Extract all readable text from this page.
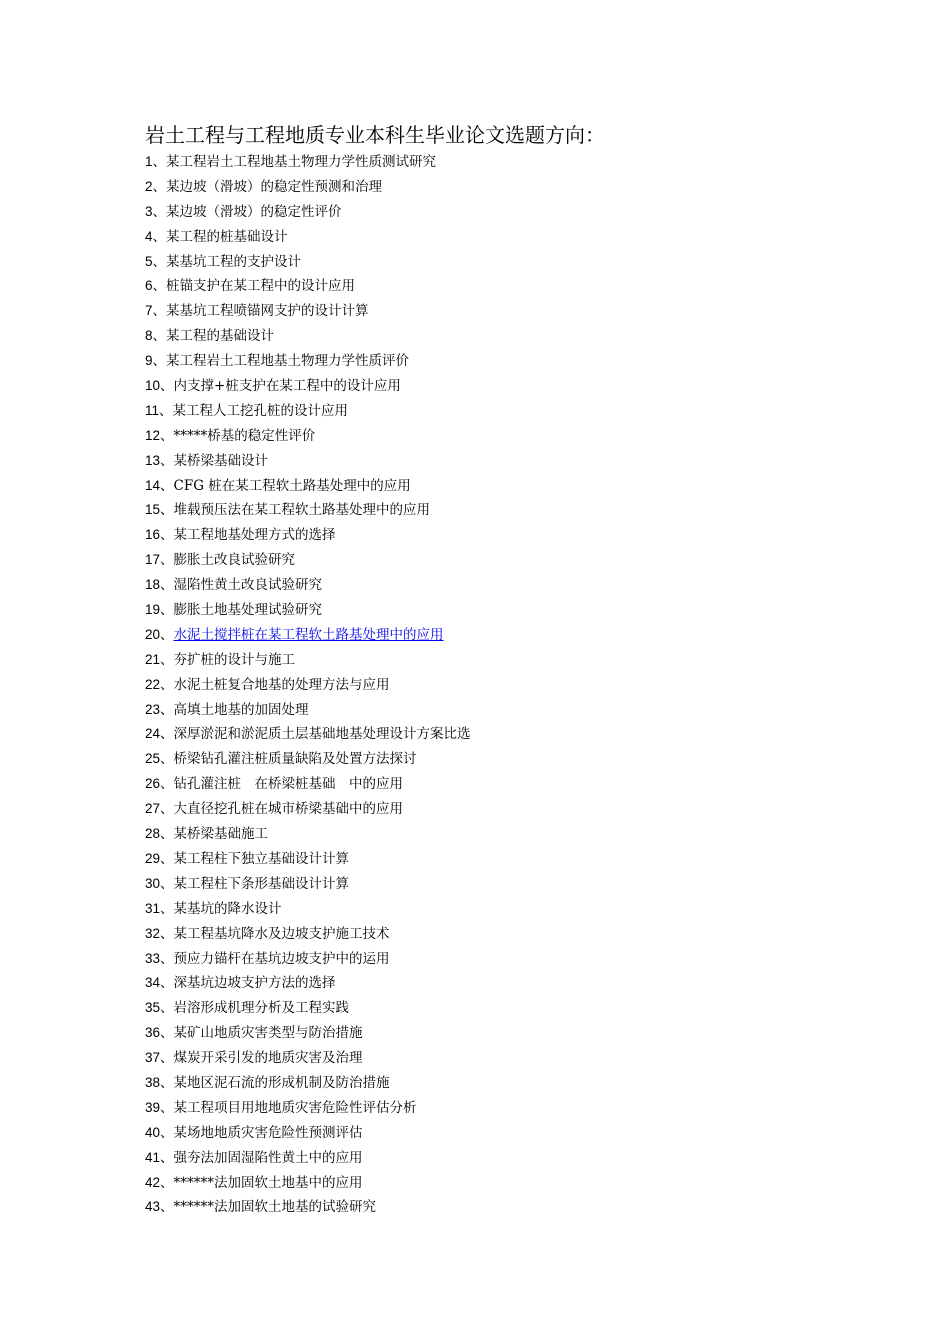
岩土工程与工程地质专业本科生毕业论文选题方向：
1、某工程岩土工程地基土物理力学性质测试研究
2、某边坡（滑坡）的稳定性预测和治理
3、某边坡（滑坡）的稳定性评价
4、某工程的桩基础设计
5、某基坑工程的支护设计
6、桩锚支护在某工程中的设计应用
7、某基坑工程喷锚网支护的设计计算
8、某工程的基础设计
9、某工程岩土工程地基土物理力学性质评价
10、内支撑+桩支护在某工程中的设计应用
11、某工程人工挖孔桩的设计应用
12、*****桥基的稳定性评价
13、某桥梁基础设计
14、CFG 桩在某工程软土路基处理中的应用
15、堆载预压法在某工程软土路基处理中的应用
16、某工程地基处理方式的选择
17、膨胀土改良试验研究
18、湿陷性黄土改良试验研究
19、膨胀土地基处理试验研究
20、水泥土搅拌桩在某工程软土路基处理中的应用
21、夯扩桩的设计与施工
22、水泥土桩复合地基的处理方法与应用
23、高填土地基的加固处理
24、深厚淤泥和淤泥质土层基础地基处理设计方案比选
25、桥梁钻孔灌注桩质量缺陷及处置方法探讨
26、钻孔灌注桩　在桥梁桩基础　中的应用
27、大直径挖孔桩在城市桥梁基础中的应用
28、某桥梁基础施工
29、某工程柱下独立基础设计计算
30、某工程柱下条形基础设计计算
31、某基坑的降水设计
32、某工程基坑降水及边坡支护施工技术
33、预应力锚杆在基坑边坡支护中的运用
34、深基坑边坡支护方法的选择
35、岩溶形成机理分析及工程实践
36、某矿山地质灾害类型与防治措施
37、煤炭开采引发的地质灾害及治理
38、某地区泥石流的形成机制及防治措施
39、某工程项目用地地质灾害危险性评估分析
40、某场地地质灾害危险性预测评估
41、强夯法加固湿陷性黄土中的应用
42、******法加固软土地基中的应用
43、******法加固软土地基的试验研究
